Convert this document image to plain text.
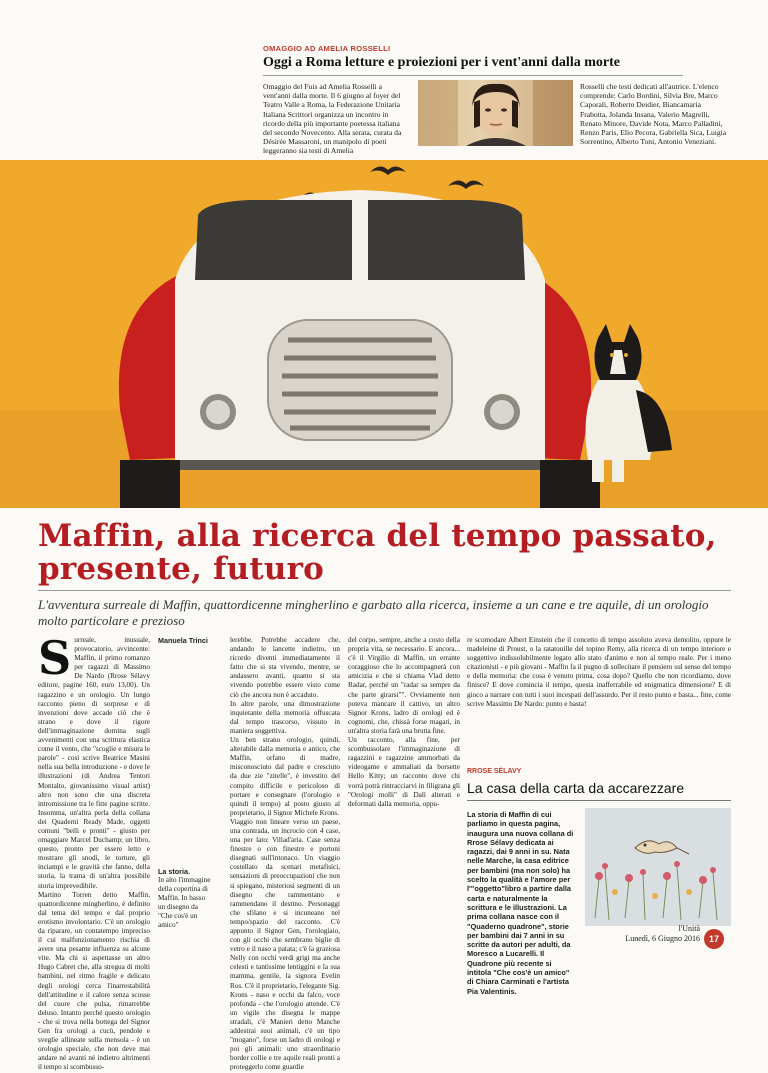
OMAGGIO AD AMELIA ROSSELLI
Oggi a Roma letture e proiezioni per i vent'anni dalla morte
Omaggio del Fuis ad Amelia Rosselli a vent'anni dalla morte. Il 6 giugno al foyer del Teatro Valle a Roma, la Federazione Unitaria Italiana Scrittori organizza un incontro in ricordo della più importante poetessa italiana del secondo Novecento. Alla serata, curata da Désirée Massaroni, un manipolo di poeti leggeranno sia testi di Amelia
Rosselli che testi dedicati all'autrice. L'elenco comprende: Carlo Bordini, Silvia Bre, Marco Caporali, Roberto Deidier, Biancamaria Frabotta, Jolanda Insana, Valerio Magrelli, Renato Minore, Davide Nota, Marco Palladini, Renzo Paris, Elio Pecora, Gabriella Sica, Luigia Sorrentino, Alberto Toni, Antonio Veneziani.
Maffin, alla ricerca del tempo passato, presente, futuro
L'avventura surreale di Maffin, quattordicenne mingherlino e garbato alla ricerca, insieme a un cane e tre aquile, di un orologio molto particolare e prezioso
S urreale, inusuale, provocatorio, avvincente: Maffin, il primo romanzo per ragazzi di Massimo De Nardo (Rrose Sélavy editore, pagine 160, euro 13,00). Un ragazzino e un orologio. Un lungo racconto pieno di sorprese e di invenzioni dove accade ciò che è strano e dove il rigore dell'immaginazione domina sugli avvenimenti con una scrittura elastica come il vento, che "scoglie e misura le parole" - così scrive Beatrice Masini nella sua bella introduzione - e dove le illustrazioni (di Andrea Tentori Montalto, giovanissimo visual artist) altro non sono che una discreta intromissione tra le fitte pagine scritte. Insomma, un'altra perla della collana dei Quaderni Ready Made, oggetti comuni "belli e pronti" - giusto per omaggiare Marcel Duchamp; un libro, questo, pronto per essere letto e mostrare gli snodi, le torture, gli inciampi e le gravità che fanno, della storia, la trama di un'altra possibile storia imprevedibile.
Martino Torren detto Maffin, quattordicenne mingherlino, è definito dal tema del tempo e dal proprio erotismo involontario. C'è un orologio da riparare, un contatempo impreciso il cui malfunzionamento rischia di avere una pesante influenza su alcune vite. Ma chi si aspettasse un altro Hugo Cabret che, alla stregua di molti bambini, nel ritmo fragile e delicato degli orologi cerca l'inarrestabilità dell'attitudine e il calore senza scosse del cuore che pulsa, rimarrebbe deluso. Intanto perché questo orologio - che si trova nella bottega del Signor Gen fra orologi a cucù, pendole e sveglie allineate sulla mensola - è un orologio speciale, che non deve mai andare né avanti né indietro altrimenti il tempo si scombusso-
Manuela Trinci
La storia.
In alto l'immagine della copertina di Maffin. In basso un disegno da "Che cos'è un amico"
lerebbe. Potrebbe accadere che, andando le lancette indietro, un ricordo diventi immediatamente il fatto che si sta vivendo, mentre, se andassero avanti, quanto si sta vivendo potrebbe essere visto come ciò che ancora non è accaduto.
In altre parole, una dimostrazione inquietante della memoria offuscata dal tempo trascorso, vissuto in maniera soggettiva.
Un ben strano orologio, quindi, alterabile dalla memoria e antico, che Maffin, orfano di madre, misconosciuto dal padre e cresciuto da due zie "zitelle", è investito del compito difficile e pericoloso di portare e consegnare (l'orologio e quindi il tempo) al posto giusto al proprietario, il Signor Michele Krons.
Viaggio non lineare verso un paese, una contrada, un incrocio con 4 case, una per lato: Villad'aria. Case senza finestre o con finestre e portoni disegnati sull'intonaco. Un viaggio costellato da scenari metafisici, sensazioni di preoccupazioni che non si spiegano, misteriosi segmenti di un disegno che rammentano e rammendano il destino. Personaggi che sfilano e si incuneano nel tempo/spazio del racconto. C'è appunto il Signor Gen, l'orologiaio, con gli occhi che sembrano biglie di vetro e il naso a patata; c'è la graziosa Nelly con occhi verdi grigi ma anche celesti e tantissime lentiggini e la sua mamma, gentile, la signora Evelin Ros. C'è il proprietario, l'elegante Sig. Krons - naso e occhi da falco, voce profonda - che l'orologio attende. C'è un vigile che disegna le mappe stradali, c'è Manieri detto Manche addestrai suoi animali, c'è un tipo "mogano", forse un ladro di orologi e poi gli animali: uno straordinario border collie e tre aquile reali pronti a proteggerlo come guardie
del corpo, sempre, anche a costo della propria vita, se necessario. E ancora... c'è il Virgilio di Maffin, un errante coraggioso che lo accompagnerà con amicizia e che si chiama Vlad detto Radar, perché un "radar sa sempre da che parte girarsi"". Ovviamente non poteva mancare il cattivo, un altro Signor Krons, ladro di orologi ed è cognomi, che, chissà forse magari, in un'altra storia farà una brutta fine.
Un racconto, alla fine, per scombussolare l'immaginazione di ragazzini e ragazzine ammorbati da videogame e ammaliati da borsette Hello Kitty; un racconto dove chi vorrà potrà rintracciarvi in filigrana gli "Orologi molli" di Dalì alterati e deformati dalla memoria, oppu-
re scomodare Albert Einstein che il concetto di tempo assoluto aveva demolito, oppure le madeleine di Proust, o la ratatouille del topino Remy, alla ricerca di un tempo interiore e soggettivo indissolubilmente legato allo stato d'animo e non al tempo reale. Per i meno citazionisti - e più giovani - Maffin fa il pugno di sollecitare il pensiero sul senso del tempo e della memoria: che cosa è venuto prima, cosa dopo? Quello che non ricordiamo, dove finisce? E dove comincia il tempo, questa inafferrabile ed enigmatica dimensione? E di gioco a narrare con tutti i suoi incespati dell'assurdo. Per il resto punto e basta... fine, come scrive Massimo De Nardo: punto e basta!
RROSE SÉLAVY
La casa della carta da accarezzare
La storia di Maffin di cui parliamo in questa pagina, inaugura una nuova collana di Rrose Sélavy dedicata ai ragazzi, dai 9 anni in su. Nata nelle Marche, la casa editrice per bambini (ma non solo) ha scelto la qualità e l'amore per l'"oggetto"libro a partire dalla carta e naturalmente la scrittura e le illustrazioni. La prima collana nasce con il "Quaderno quadrone", storie per bambini dai 7 anni in su scritte da autori per adulti, da Moresco a Lucarelli. Il Quadrone più recente si intitola "Che cos'è un amico" di Chiara Carminati e l'artista Pia Valentinis.
l'Unità
Lunedì, 6 Giugno 2016 17
